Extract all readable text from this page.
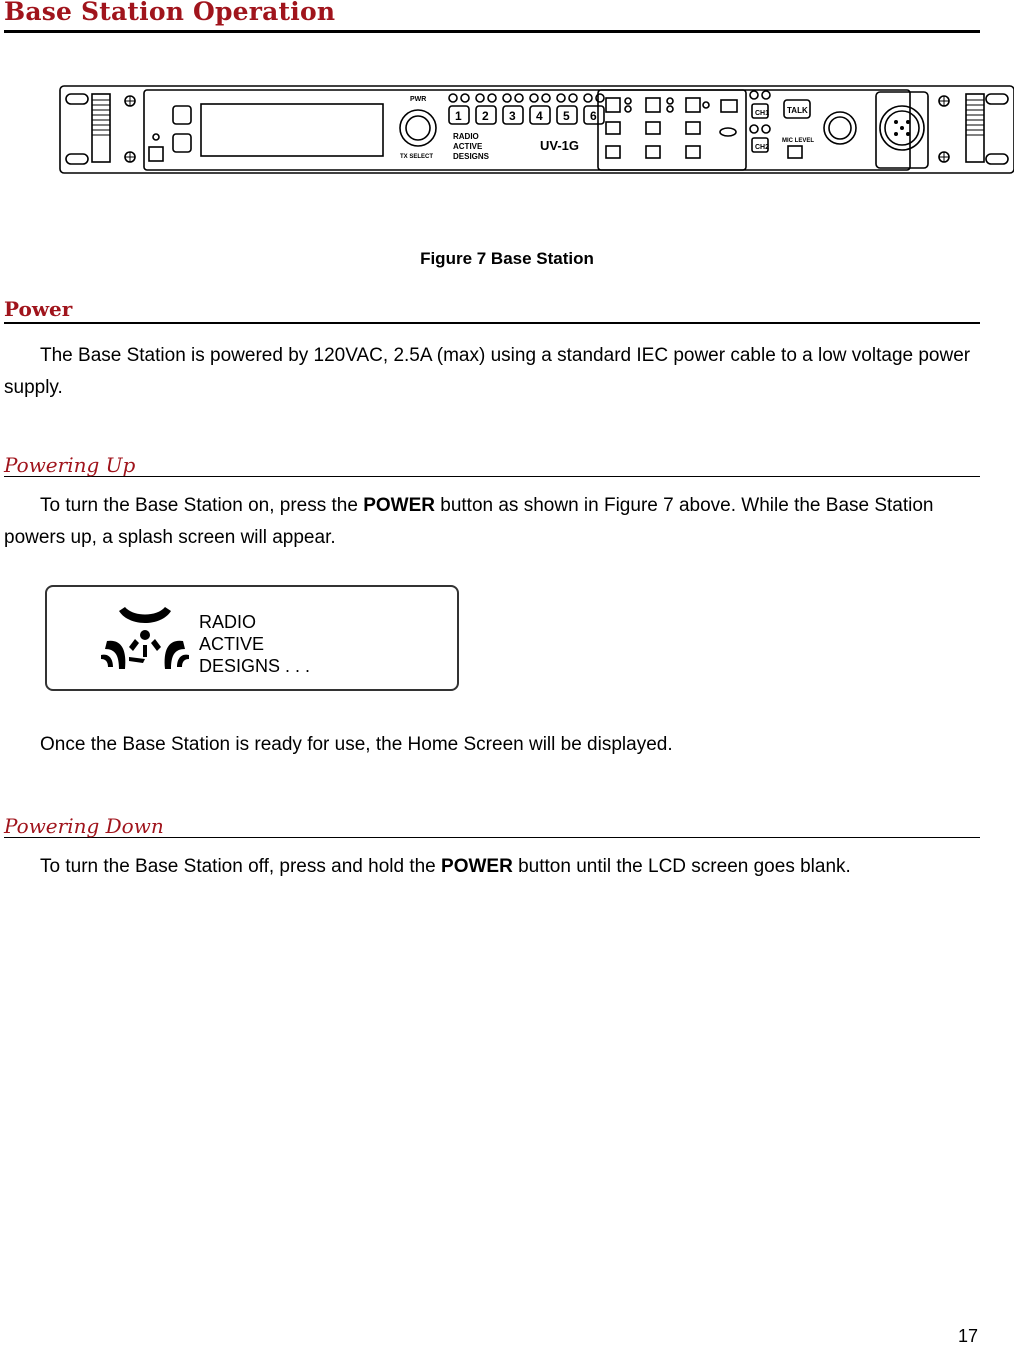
Base Station Operation
PWR
TX SELECT
RADIO
ACTIVE
DESIGNS
UV-1G
1 2 3 4 5 6	TALK
CH1
CH2
MIC LEVEL
Figure 7 Base Station
Power
The Base Station is powered by 120VAC, 2.5A (max) using a standard IEC power cable to a low voltage power supply.
Powering Up
To turn the Base Station on, press the POWER button as shown in Figure 7 above. While the Base Station powers up, a splash screen will appear.
RADIO
ACTIVE
DESIGNS . . .
Once the Base Station is ready for use, the Home Screen will be displayed.
Powering Down
To turn the Base Station off, press and hold the POWER button until the LCD screen goes blank.
17
